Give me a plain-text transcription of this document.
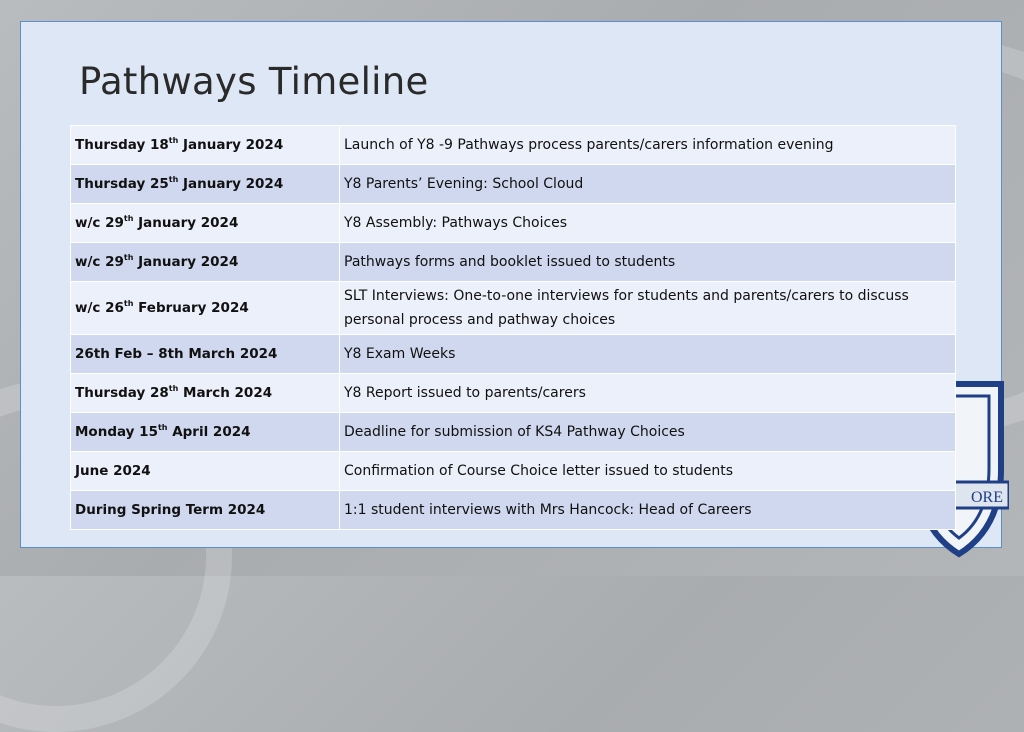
ORE
Pathways Timeline
Thursday 18th January 2024	Launch of Y8 -9 Pathways process parents/carers information evening
Thursday 25th January 2024	Y8 Parents’ Evening: School Cloud
w/c 29th January 2024	Y8 Assembly: Pathways Choices
w/c 29th January 2024	Pathways forms and booklet issued to students
w/c 26th February 2024	SLT Interviews: One-to-one interviews for students and parents/carers to discuss personal process and pathway choices
26th Feb – 8th March 2024	Y8 Exam Weeks
Thursday 28th March 2024	Y8 Report issued to parents/carers
Monday 15th April 2024	Deadline for submission of KS4 Pathway Choices
June 2024	Confirmation of Course Choice letter issued to students
During Spring Term 2024	1:1 student interviews with Mrs Hancock: Head of Careers
